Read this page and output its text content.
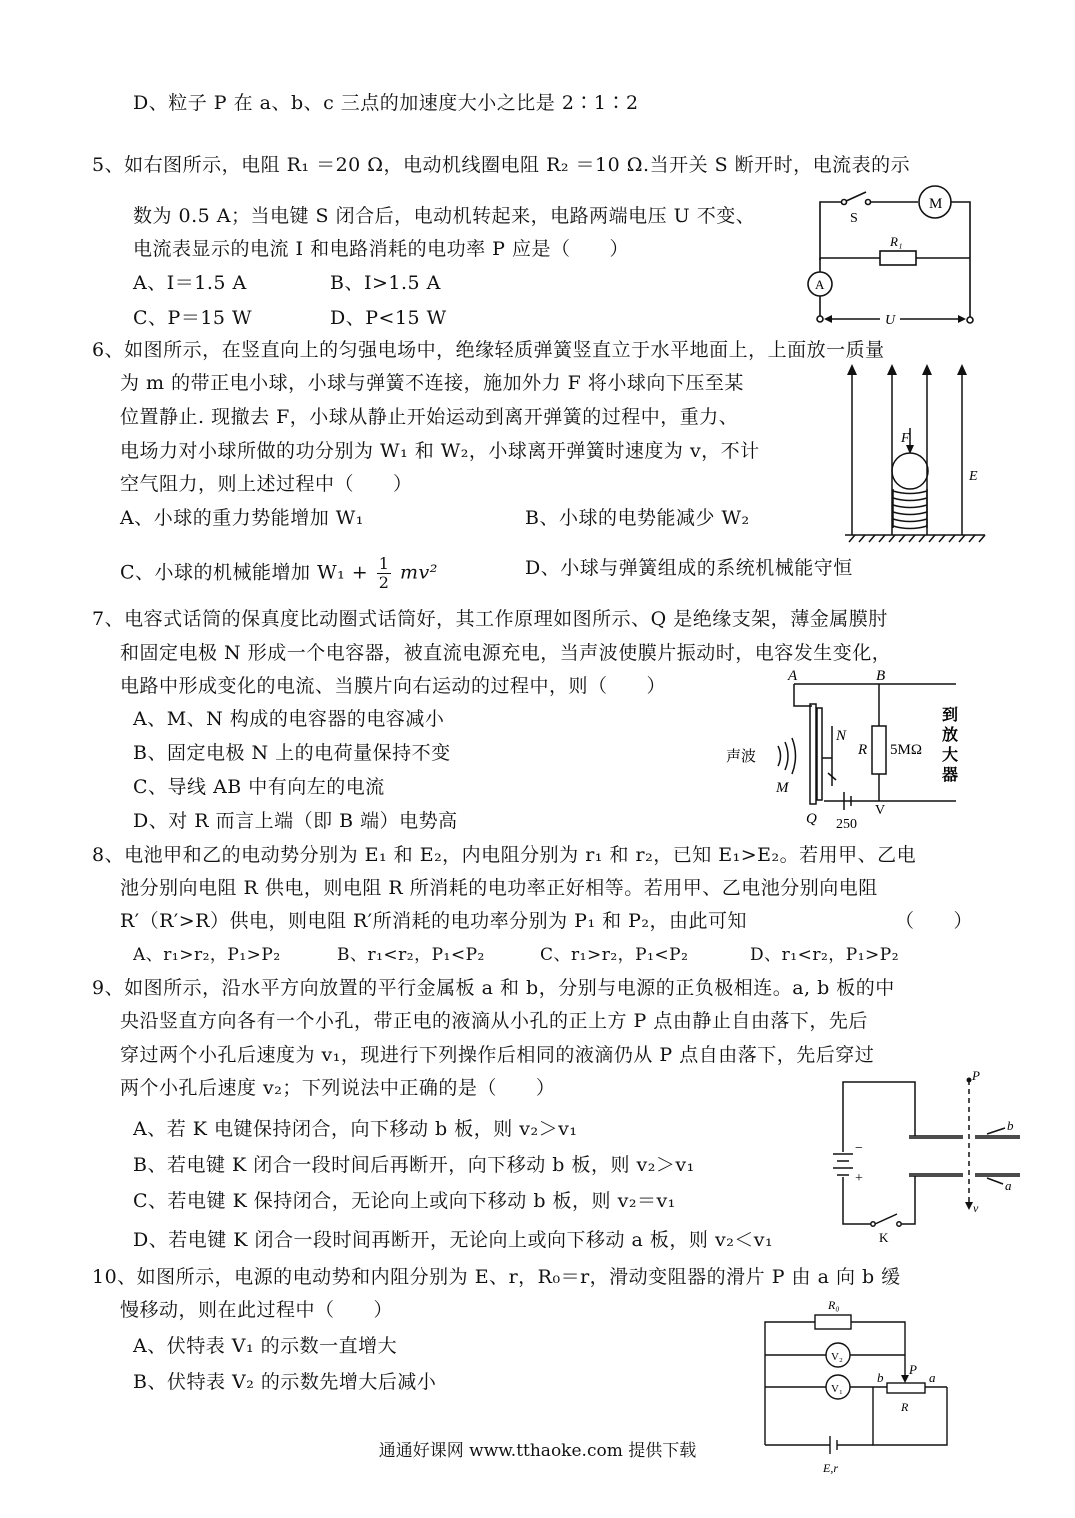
D、粒子 P 在 a、b、c 三点的加速度大小之比是 2∶1∶2
5、如右图所示，电阻 R₁ ＝20 Ω，电动机线圈电阻 R₂ ＝10 Ω.当开关 S 断开时，电流表的示
数为 0.5 A；当电键 S 闭合后，电动机转起来，电路两端电压 U 不变、
电流表显示的电流 I 和电路消耗的电功率 P 应是（　　）
A、I＝1.5 A	B、I>1.5 A
C、P＝15 W	D、P<15 W
S
M
R₁
A
U
6、如图所示，在竖直向上的匀强电场中，绝缘轻质弹簧竖直立于水平地面上，上面放一质量
为 m 的带正电小球，小球与弹簧不连接，施加外力 F 将小球向下压至某
位置静止. 现撤去 F，小球从静止开始运动到离开弹簧的过程中，重力、
电场力对小球所做的功分别为 W₁ 和 W₂，小球离开弹簧时速度为 v，不计
空气阻力，则上述过程中（　　）
A、小球的重力势能增加 W₁	B、小球的电势能减少 W₂
C、小球的机械能增加 $W_1 + \frac{1}{2} mv^2$	D、小球与弹簧组成的系统机械能守恒
F
E
7、电容式话筒的保真度比动圈式话筒好，其工作原理如图所示、Q 是绝缘支架，薄金属膜肘
和固定电极 N 形成一个电容器，被直流电源充电，当声波使膜片振动时，电容发生变化，
电路中形成变化的电流、当膜片向右运动的过程中，则（　　）
A、M、N 构成的电容器的电容减小
B、固定电极 N 上的电荷量保持不变
C、导线 AB 中有向左的电流
D、对 R 而言上端（即 B 端）电势高
A	B
N
R 5MΩ
声波
M
Q
V
250
到
放
大
器
8、电池甲和乙的电动势分别为 E₁ 和 E₂，内电阻分别为 r₁ 和 r₂，已知 E₁>E₂。若用甲、乙电
池分别向电阻 R 供电，则电阻 R 所消耗的电功率正好相等。若用甲、乙电池分别向电阻
R′（R′>R）供电，则电阻 R′所消耗的电功率分别为 P₁ 和 P₂，由此可知	（　　）
A、r₁>r₂，P₁>P₂	B、r₁<r₂，P₁<P₂	C、r₁>r₂，P₁<P₂	D、r₁<r₂，P₁>P₂
9、如图所示，沿水平方向放置的平行金属板 a 和 b，分别与电源的正负极相连。a, b 板的中
央沿竖直方向各有一个小孔，带正电的液滴从小孔的正上方 P 点由静止自由落下，先后
穿过两个小孔后速度为 v₁，现进行下列操作后相同的液滴仍从 P 点自由落下，先后穿过
两个小孔后速度 v₂；下列说法中正确的是（　　）
A、若 K 电键保持闭合，向下移动 b 板，则 v₂＞v₁
B、若电键 K 闭合一段时间后再断开，向下移动 b 板，则 v₂＞v₁
C、若电键 K 保持闭合，无论向上或向下移动 b 板，则 v₂＝v₁
D、若电键 K 闭合一段时间再断开，无论向上或向下移动 a 板，则 v₂＜v₁
P
b
a
−
+
K
v
10、如图所示，电源的电动势和内阻分别为 E、r，R₀＝r，滑动变阻器的滑片 P 由 a 向 b 缓
慢移动，则在此过程中（　　）
A、伏特表 V₁ 的示数一直增大
B、伏特表 V₂ 的示数先增大后减小
R₀
V₂
V₁
P
b	a
R
E,r
通通好课网 www.tthaoke.com 提供下载
